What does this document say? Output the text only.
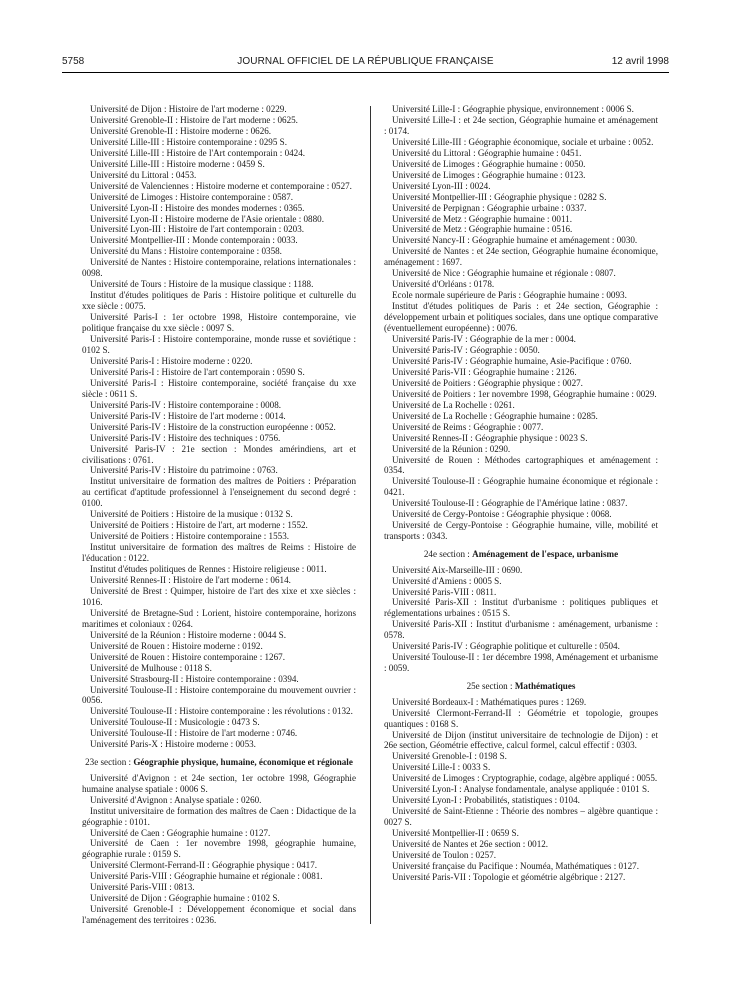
5758	JOURNAL OFFICIEL DE LA RÉPUBLIQUE FRANÇAISE	12 avril 1998

Université de Dijon : Histoire de l'art moderne : 0229.

Université Grenoble-II : Histoire de l'art moderne : 0625.

Université Grenoble-II : Histoire moderne : 0626.

Université Lille-III : Histoire contemporaine : 0295 S.

Université Lille-III : Histoire de l'Art contemporain : 0424.

Université Lille-III : Histoire moderne : 0459 S.

Université du Littoral : 0453.

Université de Valenciennes : Histoire moderne et contemporaine : 0527.

Université de Limoges : Histoire contemporaine : 0587.

Université Lyon-II : Histoire des mondes modernes : 0365.

Université Lyon-II : Histoire moderne de l'Asie orientale : 0880.

Université Lyon-III : Histoire de l'art contemporain : 0203.

Université Montpellier-III : Monde contemporain : 0033.

Université du Mans : Histoire contemporaine : 0358.

Université de Nantes : Histoire contemporaine, relations internationales : 0098.

Université de Tours : Histoire de la musique classique : 1188.

Institut d'études politiques de Paris : Histoire politique et culturelle du xxe siècle : 0075.

Université Paris-I : 1er octobre 1998, Histoire contemporaine, vie politique française du xxe siècle : 0097 S.

Université Paris-I : Histoire contemporaine, monde russe et soviétique : 0102 S.

Université Paris-I : Histoire moderne : 0220.

Université Paris-I : Histoire de l'art contemporain : 0590 S.

Université Paris-I : Histoire contemporaine, société française du xxe siècle : 0611 S.

Université Paris-IV : Histoire contemporaine : 0008.

Université Paris-IV : Histoire de l'art moderne : 0014.

Université Paris-IV : Histoire de la construction européenne : 0052.

Université Paris-IV : Histoire des techniques : 0756.

Université Paris-IV : 21e section : Mondes amérindiens, art et civilisations : 0761.

Université Paris-IV : Histoire du patrimoine : 0763.

Institut universitaire de formation des maîtres de Poitiers : Préparation au certificat d'aptitude professionnel à l'enseignement du second degré : 0100.

Université de Poitiers : Histoire de la musique : 0132 S.

Université de Poitiers : Histoire de l'art, art moderne : 1552.

Université de Poitiers : Histoire contemporaine : 1553.

Institut universitaire de formation des maîtres de Reims : Histoire de l'éducation : 0122.

Institut d'études politiques de Rennes : Histoire religieuse : 0011.

Université Rennes-II : Histoire de l'art moderne : 0614.

Université de Brest : Quimper, histoire de l'art des xixe et xxe siècles : 1016.

Université de Bretagne-Sud : Lorient, histoire contemporaine, horizons maritimes et coloniaux : 0264.

Université de la Réunion : Histoire moderne : 0044 S.

Université de Rouen : Histoire moderne : 0192.

Université de Rouen : Histoire contemporaine : 1267.

Université de Mulhouse : 0118 S.

Université Strasbourg-II : Histoire contemporaine : 0394.

Université Toulouse-II : Histoire contemporaine du mouvement ouvrier : 0056.

Université Toulouse-II : Histoire contemporaine : les révolutions : 0132.

Université Toulouse-II : Musicologie : 0473 S.

Université Toulouse-II : Histoire de l'art moderne : 0746.

Université Paris-X : Histoire moderne : 0053.

23e section : Géographie physique, humaine, économique et régionale

Université d'Avignon : et 24e section, 1er octobre 1998, Géographie humaine analyse spatiale : 0006 S.

Université d'Avignon : Analyse spatiale : 0260.

Institut universitaire de formation des maîtres de Caen : Didactique de la géographie : 0101.

Université de Caen : Géographie humaine : 0127.

Université de Caen : 1er novembre 1998, géographie humaine, géographie rurale : 0159 S.

Université Clermont-Ferrand-II : Géographie physique : 0417.

Université Paris-VIII : Géographie humaine et régionale : 0081.

Université Paris-VIII : 0813.

Université de Dijon : Géographie humaine : 0102 S.

Université Grenoble-I : Développement économique et social dans l'aménagement des territoires : 0236.

Université Lille-I : Géographie physique, environnement : 0006 S.

Université Lille-I : et 24e section, Géographie humaine et aménagement : 0174.

Université Lille-III : Géographie économique, sociale et urbaine : 0052.

Université du Littoral : Géographie humaine : 0451.

Université de Limoges : Géographie humaine : 0050.

Université de Limoges : Géographie humaine : 0123.

Université Lyon-III : 0024.

Université Montpellier-III : Géographie physique : 0282 S.

Université de Perpignan : Géographie urbaine : 0337.

Université de Metz : Géographie humaine : 0011.

Université de Metz : Géographie humaine : 0516.

Université Nancy-II : Géographie humaine et aménagement : 0030.

Université de Nantes : et 24e section, Géographie humaine économique, aménagement : 1697.

Université de Nice : Géographie humaine et régionale : 0807.

Université d'Orléans : 0178.

Ecole normale supérieure de Paris : Géographie humaine : 0093.

Institut d'études politiques de Paris : et 24e section, Géographie : développement urbain et politiques sociales, dans une optique comparative (éventuellement européenne) : 0076.

Université Paris-IV : Géographie de la mer : 0004.

Université Paris-IV : Géographie : 0050.

Université Paris-IV : Géographie humaine, Asie-Pacifique : 0760.

Université Paris-VII : Géographie humaine : 2126.

Université de Poitiers : Géographie physique : 0027.

Université de Poitiers : 1er novembre 1998, Géographie humaine : 0029.

Université de La Rochelle : 0261.

Université de La Rochelle : Géographie humaine : 0285.

Université de Reims : Géographie : 0077.

Université Rennes-II : Géographie physique : 0023 S.

Université de la Réunion : 0290.

Université de Rouen : Méthodes cartographiques et aménagement : 0354.

Université Toulouse-II : Géographie humaine économique et régionale : 0421.

Université Toulouse-II : Géographie de l'Amérique latine : 0837.

Université de Cergy-Pontoise : Géographie physique : 0068.

Université de Cergy-Pontoise : Géographie humaine, ville, mobilité et transports : 0343.

24e section : Aménagement de l'espace, urbanisme

Université Aix-Marseille-III : 0690.

Université d'Amiens : 0005 S.

Université Paris-VIII : 0811.

Université Paris-XII : Institut d'urbanisme : politiques publiques et réglementations urbaines : 0515 S.

Université Paris-XII : Institut d'urbanisme : aménagement, urbanisme : 0578.

Université Paris-IV : Géographie politique et culturelle : 0504.

Université Toulouse-II : 1er décembre 1998, Aménagement et urbanisme : 0059.

25e section : Mathématiques

Université Bordeaux-I : Mathématiques pures : 1269.

Université Clermont-Ferrand-II : Géométrie et topologie, groupes quantiques : 0168 S.

Université de Dijon (institut universitaire de technologie de Dijon) : et 26e section, Géométrie effective, calcul formel, calcul effectif : 0303.

Université Grenoble-I : 0198 S.

Université Lille-I : 0033 S.

Université de Limoges : Cryptographie, codage, algèbre appliqué : 0055.

Université Lyon-I : Analyse fondamentale, analyse appliquée : 0101 S.

Université Lyon-I : Probabilités, statistiques : 0104.

Université de Saint-Etienne : Théorie des nombres – algèbre quantique : 0027 S.

Université Montpellier-II : 0659 S.

Université de Nantes et 26e section : 0012.

Université de Toulon : 0257.

Université française du Pacifique : Nouméa, Mathématiques : 0127.

Université Paris-VII : Topologie et géométrie algébrique : 2127.
